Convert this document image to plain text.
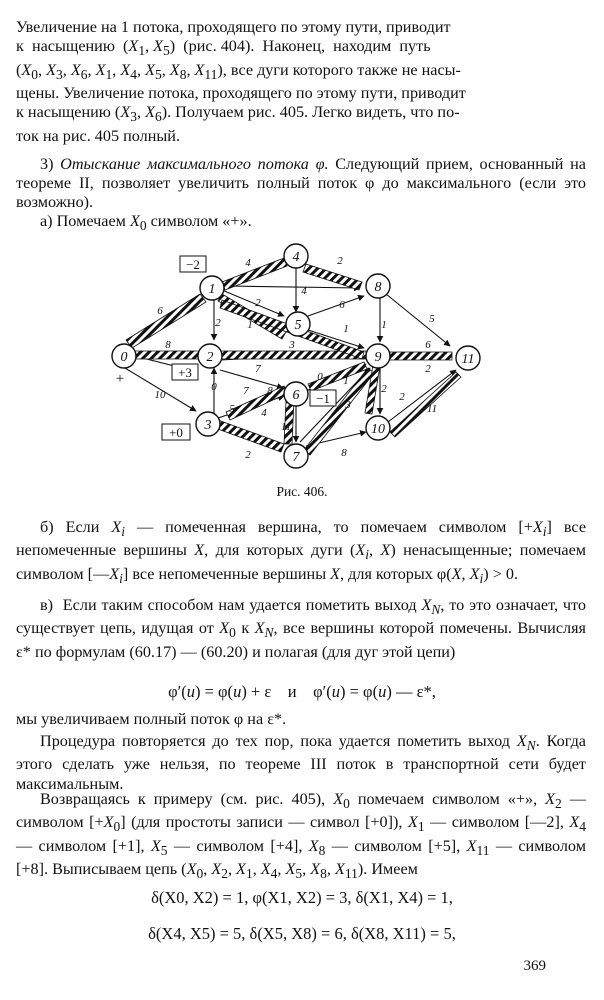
Увеличение на 1 потока, проходящего по этому пути, приводит

к  насыщению  ($X_1$, $X_5$)  (рис. 404).  Наконец,  находим  путь

($X_0$, $X_3$, $X_6$, $X_1$, $X_4$, $X_5$, $X_8$, $X_{11}$), все дуги которого также не насы-

щены. Увеличение потока, проходящего по этому пути, приводит

к насыщению ($X_3$, $X_6$). Получаем рис. 405. Легко видеть, что по-

ток на рис. 405 полный.

3) Отыскание максимального потока φ. Следующий прием, основанный на теореме II, позволяет увеличить полный поток φ до максимального (если это возможно).
а) Помечаем $X_0$ символом «+».
0
1
2
3
4
5
6
7
8
9
10
11
−2
+3
+0
−1
+
6
4	2
8	3
2
2
4
1	5
1
6
1
2
6
10
7
8
0
4
2
1
0
3
11
2
8
2
11
7
5
Рис. 406.
б) Если $X_i$ — помеченная вершина, то помечаем символом $[+X_i]$ все непомеченные вершины X, для которых дуги ($X_i$, X) ненасыщенные; помечаем символом $[—X_i]$ все непомеченные вершины X, для которых φ(X, $X_i) > 0$.
в)  Если таким способом нам удается пометить выход $X_N$, то это означает, что существует цепь, идущая от $X_0$ к $X_N$, все вершины которой помечены. Вычисляя ε* по формулам (60.17) — (60.20) и полагая (для дуг этой цепи)
φ′(u) = φ(u) + ε    и    φ′(u) = φ(u) — ε*,
мы увеличиваем полный поток φ на ε*.
Процедура повторяется до тех пор, пока удается пометить выход $X_N$. Когда этого сделать уже нельзя, по теореме III поток в транспортной сети будет максимальным.
Возвращаясь к примеру (см. рис. 405), $X_0$ помечаем символом «+», $X_2$ — символом $[+X_0]$ (для простоты записи — символ [+0]), $X_1$ — символом [—2], $X_4$ — символом [+1], $X_5$ — символом [+4], $X_8$ — символом [+5], $X_{11}$ — символом [+8]. Выписываем цепь ($X_0$, $X_2$, $X_1$, $X_4$, $X_5$, $X_8$, $X_{11}$). Имеем
δ(X0, X2) = 1, φ(X1, X2) = 3, δ(X1, X4) = 1,
δ(X4, X5) = 5, δ(X5, X8) = 6, δ(X8, X11) = 5,
369
